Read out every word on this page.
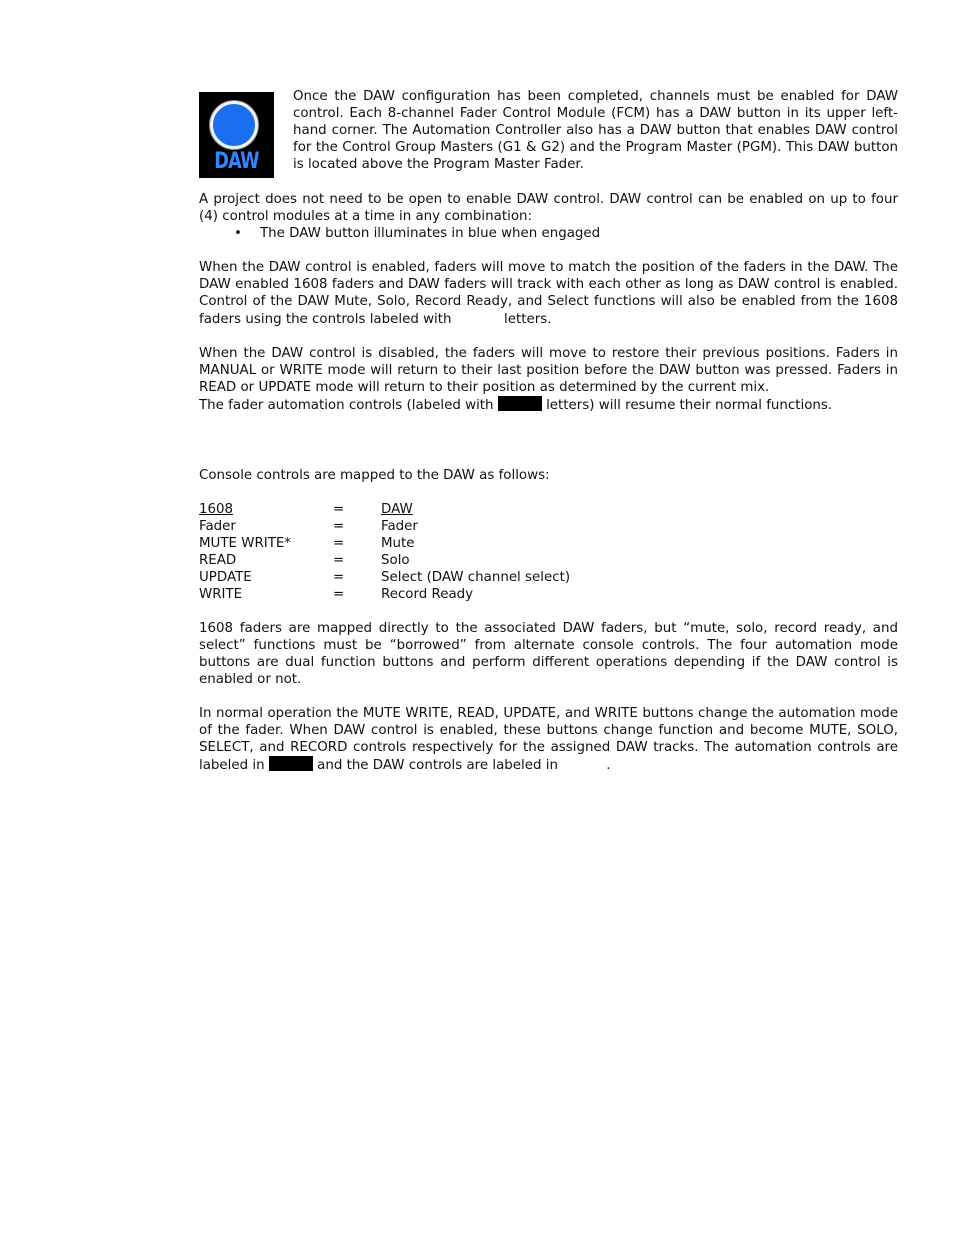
DAW

Once the DAW configuration has been completed, channels must be enabled for DAW control. Each 8-channel Fader Control Module (FCM) has a DAW button in its upper left-hand corner. The Automation Controller also has a DAW button that enables DAW control for the Control Group Masters (G1 & G2) and the Program Master (PGM). This DAW button is located above the Program Master Fader.

A project does not need to be open to enable DAW control. DAW control can be enabled on up to four (4) control modules at a time in any combination:

• The DAW button illuminates in blue when engaged

When the DAW control is enabled, faders will move to match the position of the faders in the DAW. The DAW enabled 1608 faders and DAW faders will track with each other as long as DAW control is enabled. Control of the DAW Mute, Solo, Record Ready, and Select functions will also be enabled from the 1608 faders using the controls labeled with	letters.

When the DAW control is disabled, the faders will move to restore their previous positions. Faders in MANUAL or WRITE mode will return to their last position before the DAW button was pressed. Faders in READ or UPDATE mode will return to their position as determined by the current mix.

The fader automation controls (labeled with	letters) will resume their normal functions.

Console controls are mapped to the DAW as follows:

1608	=	DAW
Fader	=	Fader
MUTE WRITE*	=	Mute
READ	=	Solo
UPDATE	=	Select (DAW channel select)
WRITE	=	Record Ready

1608 faders are mapped directly to the associated DAW faders, but “mute, solo, record ready, and select” functions must be “borrowed” from alternate console controls. The four automation mode buttons are dual function buttons and perform different operations depending if the DAW control is enabled or not.

In normal operation the MUTE WRITE, READ, UPDATE, and WRITE buttons change the automation mode of the fader. When DAW control is enabled, these buttons change function and become MUTE, SOLO, SELECT, and RECORD controls respectively for the assigned DAW tracks. The automation controls are labeled in	and the DAW controls are labeled in	.
